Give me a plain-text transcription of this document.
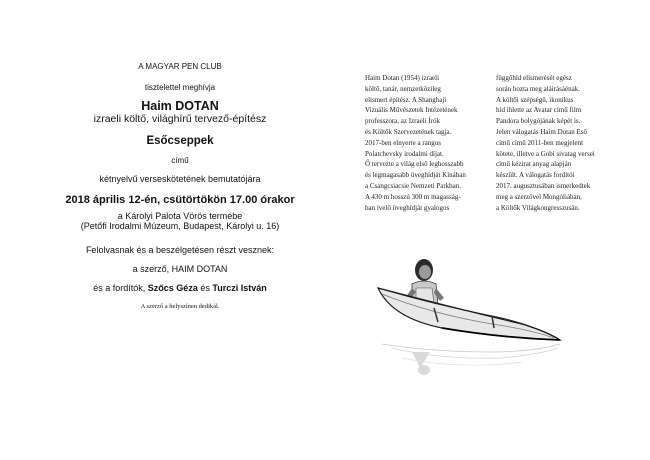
A MAGYAR PEN CLUB
tisztelettel meghívja
Haim DOTAN
izraeli költő, világhírű tervező-építész
Esőcseppek
című
kétnyelvű verseskötetének bemutatójára
2018 április 12-én, csütörtökön 17.00 órakor
a Károlyi Palota Vörös termébe
(Petőfi Irodalmi Múzeum, Budapest, Károlyi u. 16)
Felolvasnak és a beszélgetésen részt vesznek:
a szerző, HAIM DOTAN
és a fordítók, Szőcs Géza és Turczi István
A szerző a helyszínen dedikál.
Haim Dotan (1954) izraeli
költő, tanár, nemzetközileg
elismert építész. A Shanghaji
Vizuális Művészetek Intézetének
professzora, az Izraeli Írók
és Költők Szervezetének tagja.
2017-ben elnyerte a rangos
Polatchevsky irodalmi díjat.
Ő tervezte a világ első leghosszabb
és legmagasabb üveghídját Kínában
a Csangcsiacsie Nemzeti Parkban.
A 430 m hosszú 300 m magasság-
ban ívelő üveghídját gyalogos
függőhíd elismerését egész
során hozta meg aláírásáénak.
A költői szépségű, ikonikus
híd ihlette az Avatar című film
Pandora bolygójának képét is.
Jelen válogatás Haim Dotan Eső
című című 2011-ben megjelent
kötete, illetve a Gobi sivatag versei
című kézirat anyag alapján
készült. A válogatás fordítói
2017. augusztusában ismerkedtek
meg a szerzővel Mongóliában,
a Költők Világkongresszusán.
